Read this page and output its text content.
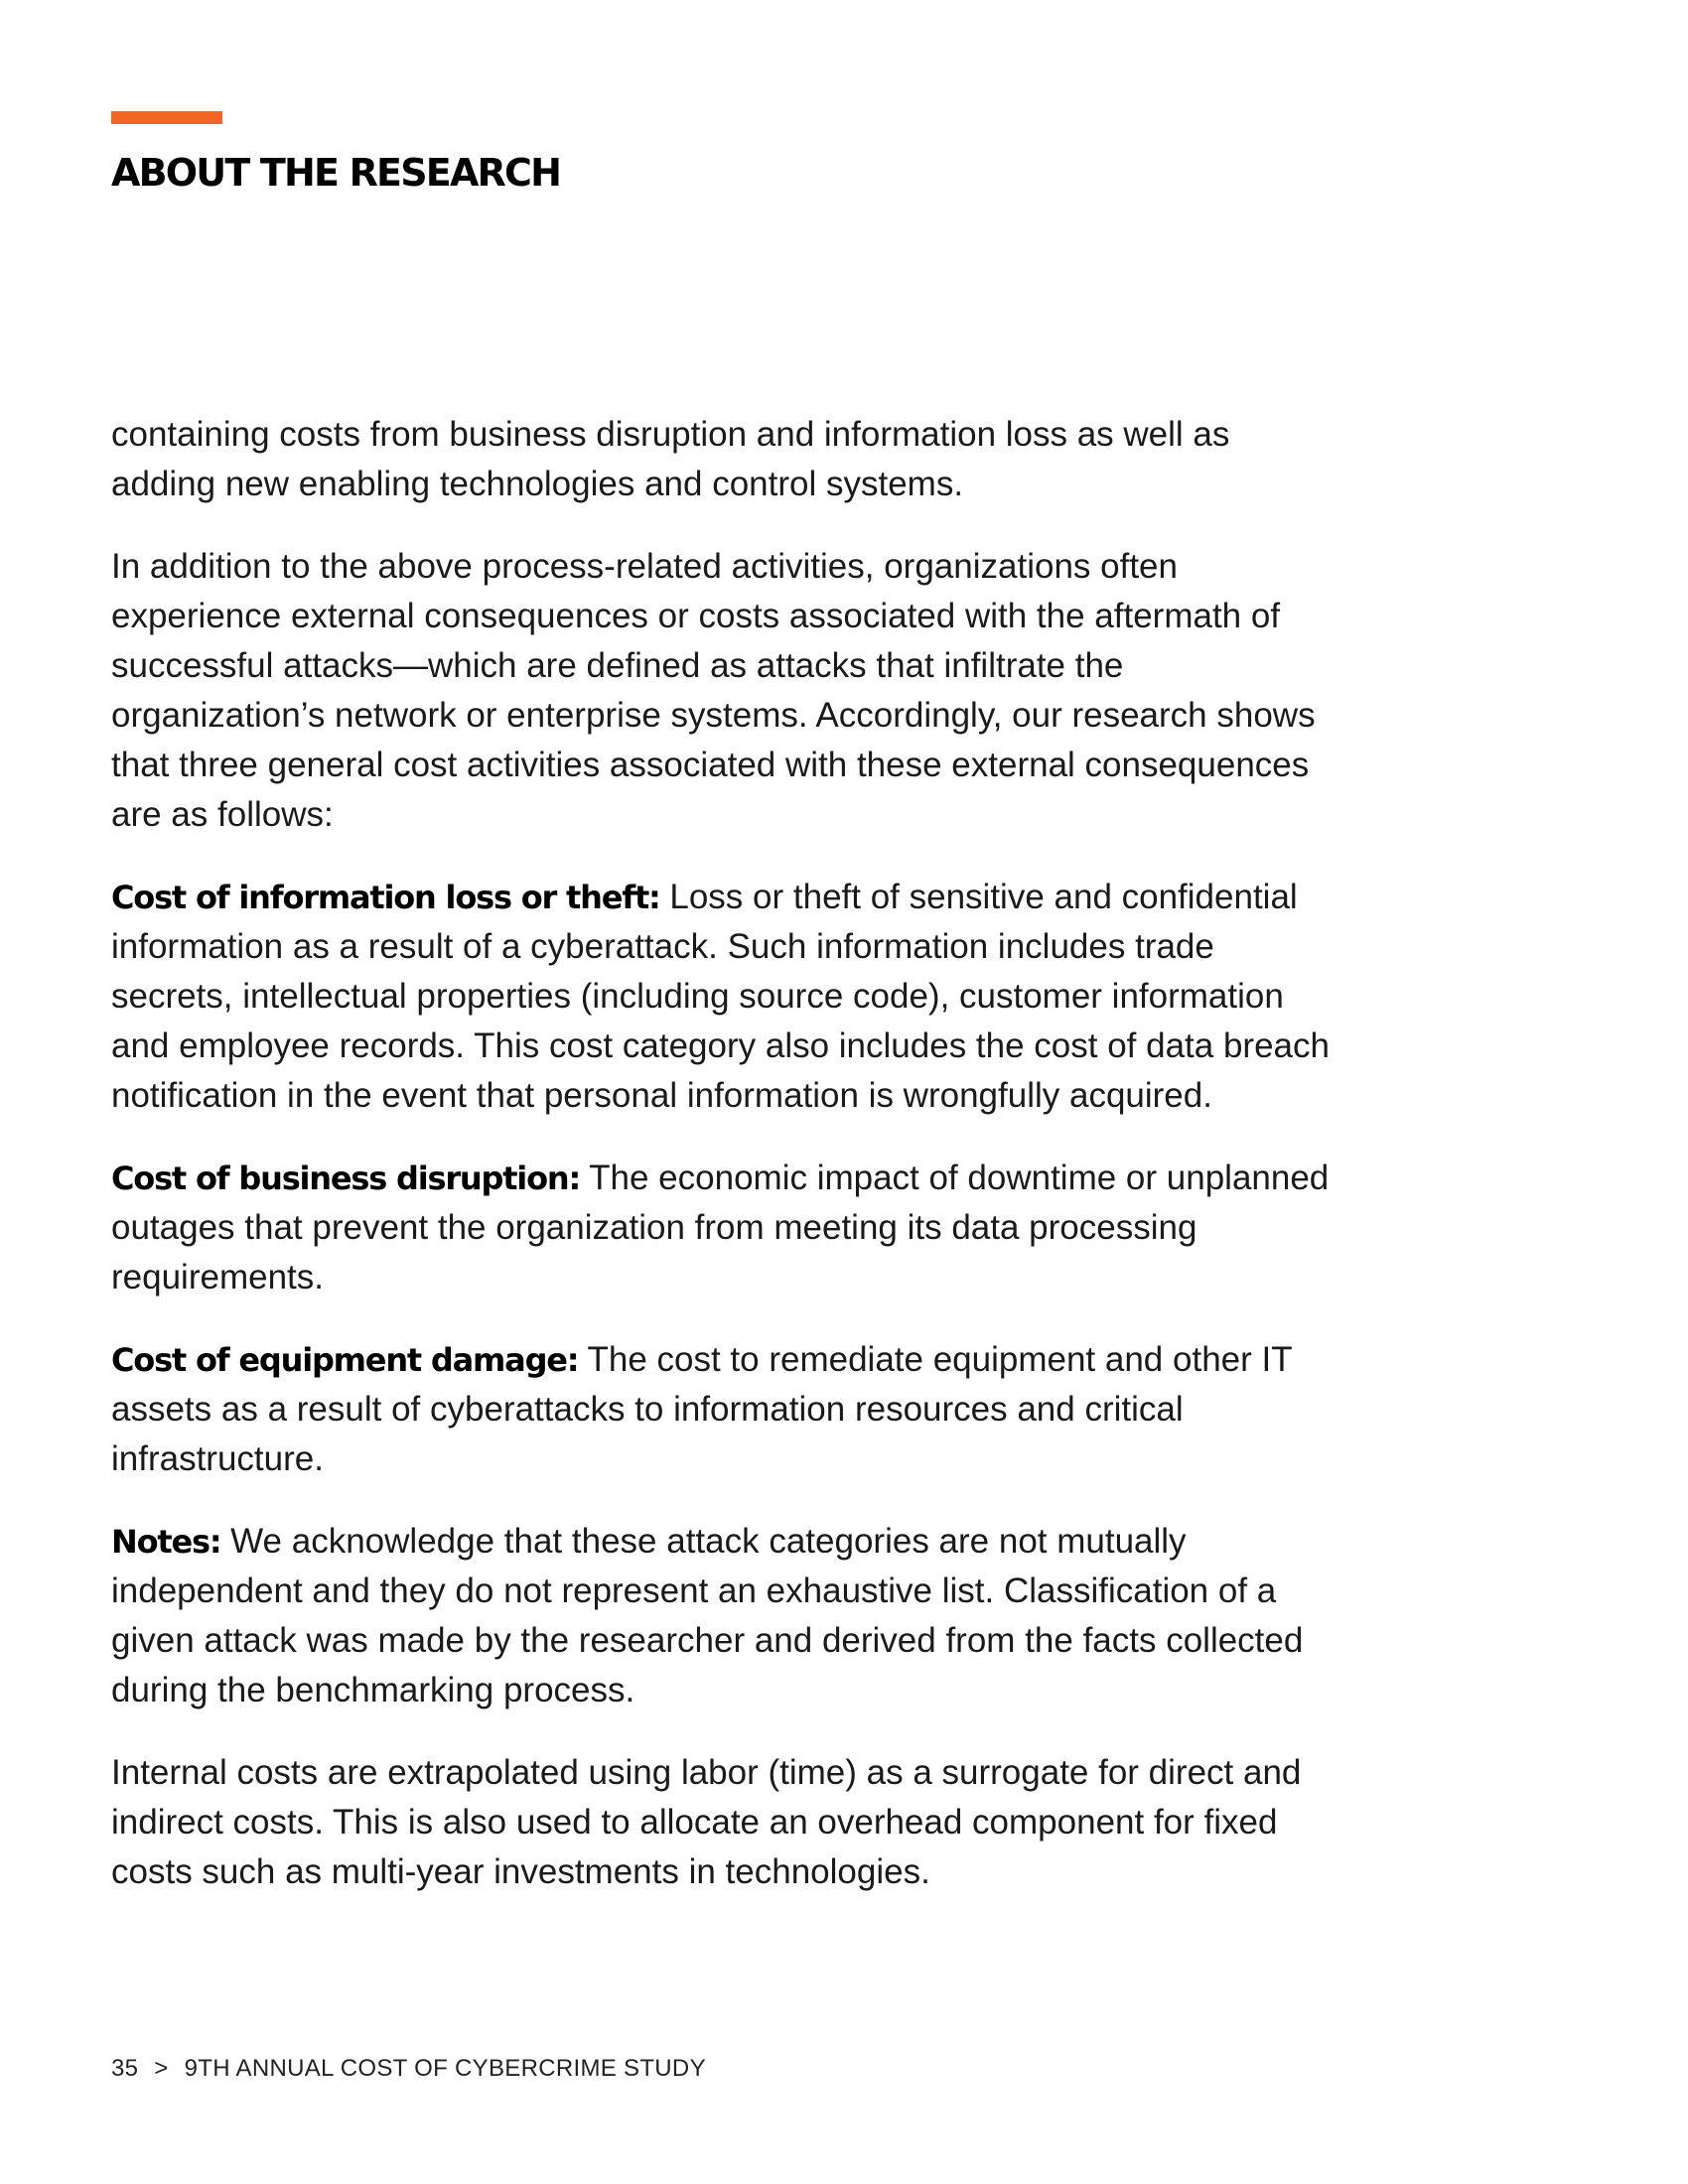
ABOUT THE RESEARCH

containing costs from business disruption and information loss as well as adding new enabling technologies and control systems.

In addition to the above process-related activities, organizations often experience external consequences or costs associated with the aftermath of successful attacks—which are defined as attacks that infiltrate the organization’s network or enterprise systems. Accordingly, our research shows that three general cost activities associated with these external consequences are as follows:

Cost of information loss or theft: Loss or theft of sensitive and confidential information as a result of a cyberattack. Such information includes trade secrets, intellectual properties (including source code), customer information and employee records. This cost category also includes the cost of data breach notification in the event that personal information is wrongfully acquired.

Cost of business disruption: The economic impact of downtime or unplanned outages that prevent the organization from meeting its data processing requirements.

Cost of equipment damage: The cost to remediate equipment and other IT assets as a result of cyberattacks to information resources and critical infrastructure.

Notes: We acknowledge that these attack categories are not mutually independent and they do not represent an exhaustive list. Classification of a given attack was made by the researcher and derived from the facts collected during the benchmarking process.

Internal costs are extrapolated using labor (time) as a surrogate for direct and indirect costs. This is also used to allocate an overhead component for fixed costs such as multi-year investments in technologies.

35 > 9TH ANNUAL COST OF CYBERCRIME STUDY
